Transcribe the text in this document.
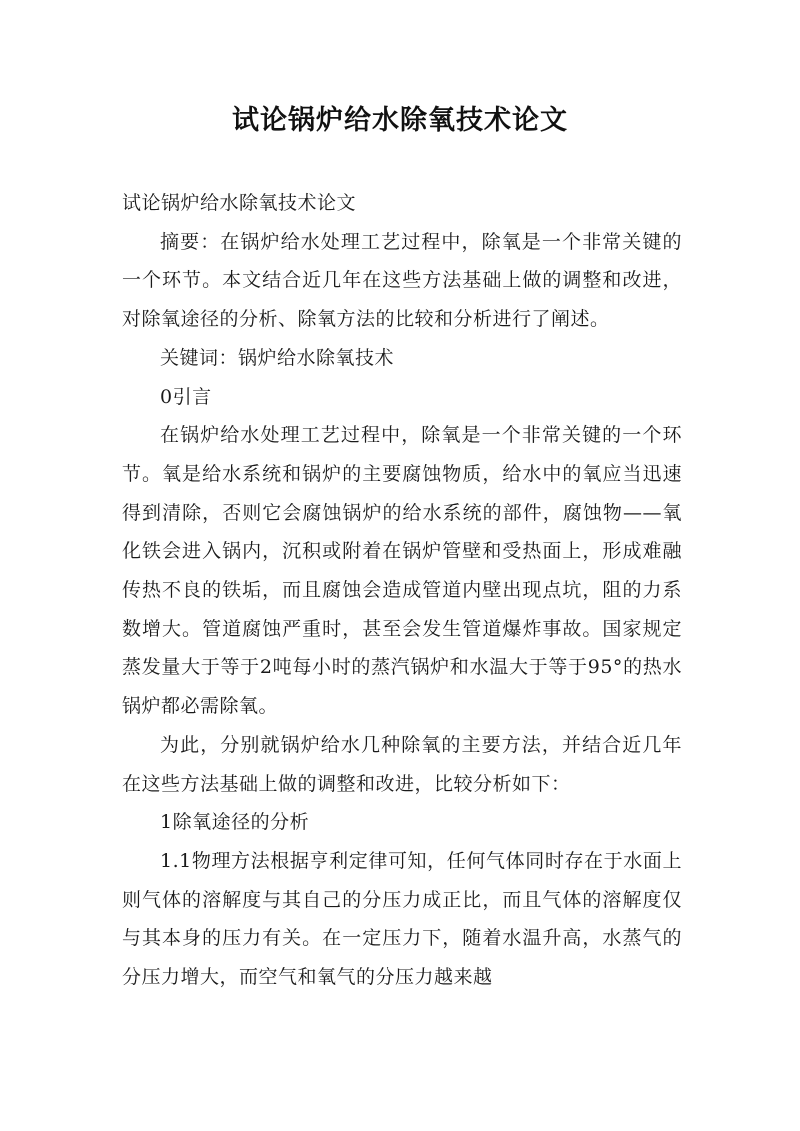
试论锅炉给水除氧技术论文

试论锅炉给水除氧技术论文

摘要：在锅炉给水处理工艺过程中，除氧是一个非常关键的一个环节。本文结合近几年在这些方法基础上做的调整和改进，对除氧途径的分析、除氧方法的比较和分析进行了阐述。

关键词：锅炉给水除氧技术

0引言

在锅炉给水处理工艺过程中，除氧是一个非常关键的一个环节。氧是给水系统和锅炉的主要腐蚀物质，给水中的氧应当迅速得到清除，否则它会腐蚀锅炉的给水系统的部件，腐蚀物——氧化铁会进入锅内，沉积或附着在锅炉管壁和受热面上，形成难融传热不良的铁垢，而且腐蚀会造成管道内壁出现点坑，阻的力系数增大。管道腐蚀严重时，甚至会发生管道爆炸事故。国家规定蒸发量大于等于2吨每小时的蒸汽锅炉和水温大于等于95°的热水锅炉都必需除氧。

为此，分别就锅炉给水几种除氧的主要方法，并结合近几年在这些方法基础上做的调整和改进，比较分析如下：

1除氧途径的分析

1.1物理方法根据亨利定律可知，任何气体同时存在于水面上则气体的溶解度与其自己的分压力成正比，而且气体的溶解度仅与其本身的压力有关。在一定压力下，随着水温升高，水蒸气的分压力增大，而空气和氧气的分压力越来越
